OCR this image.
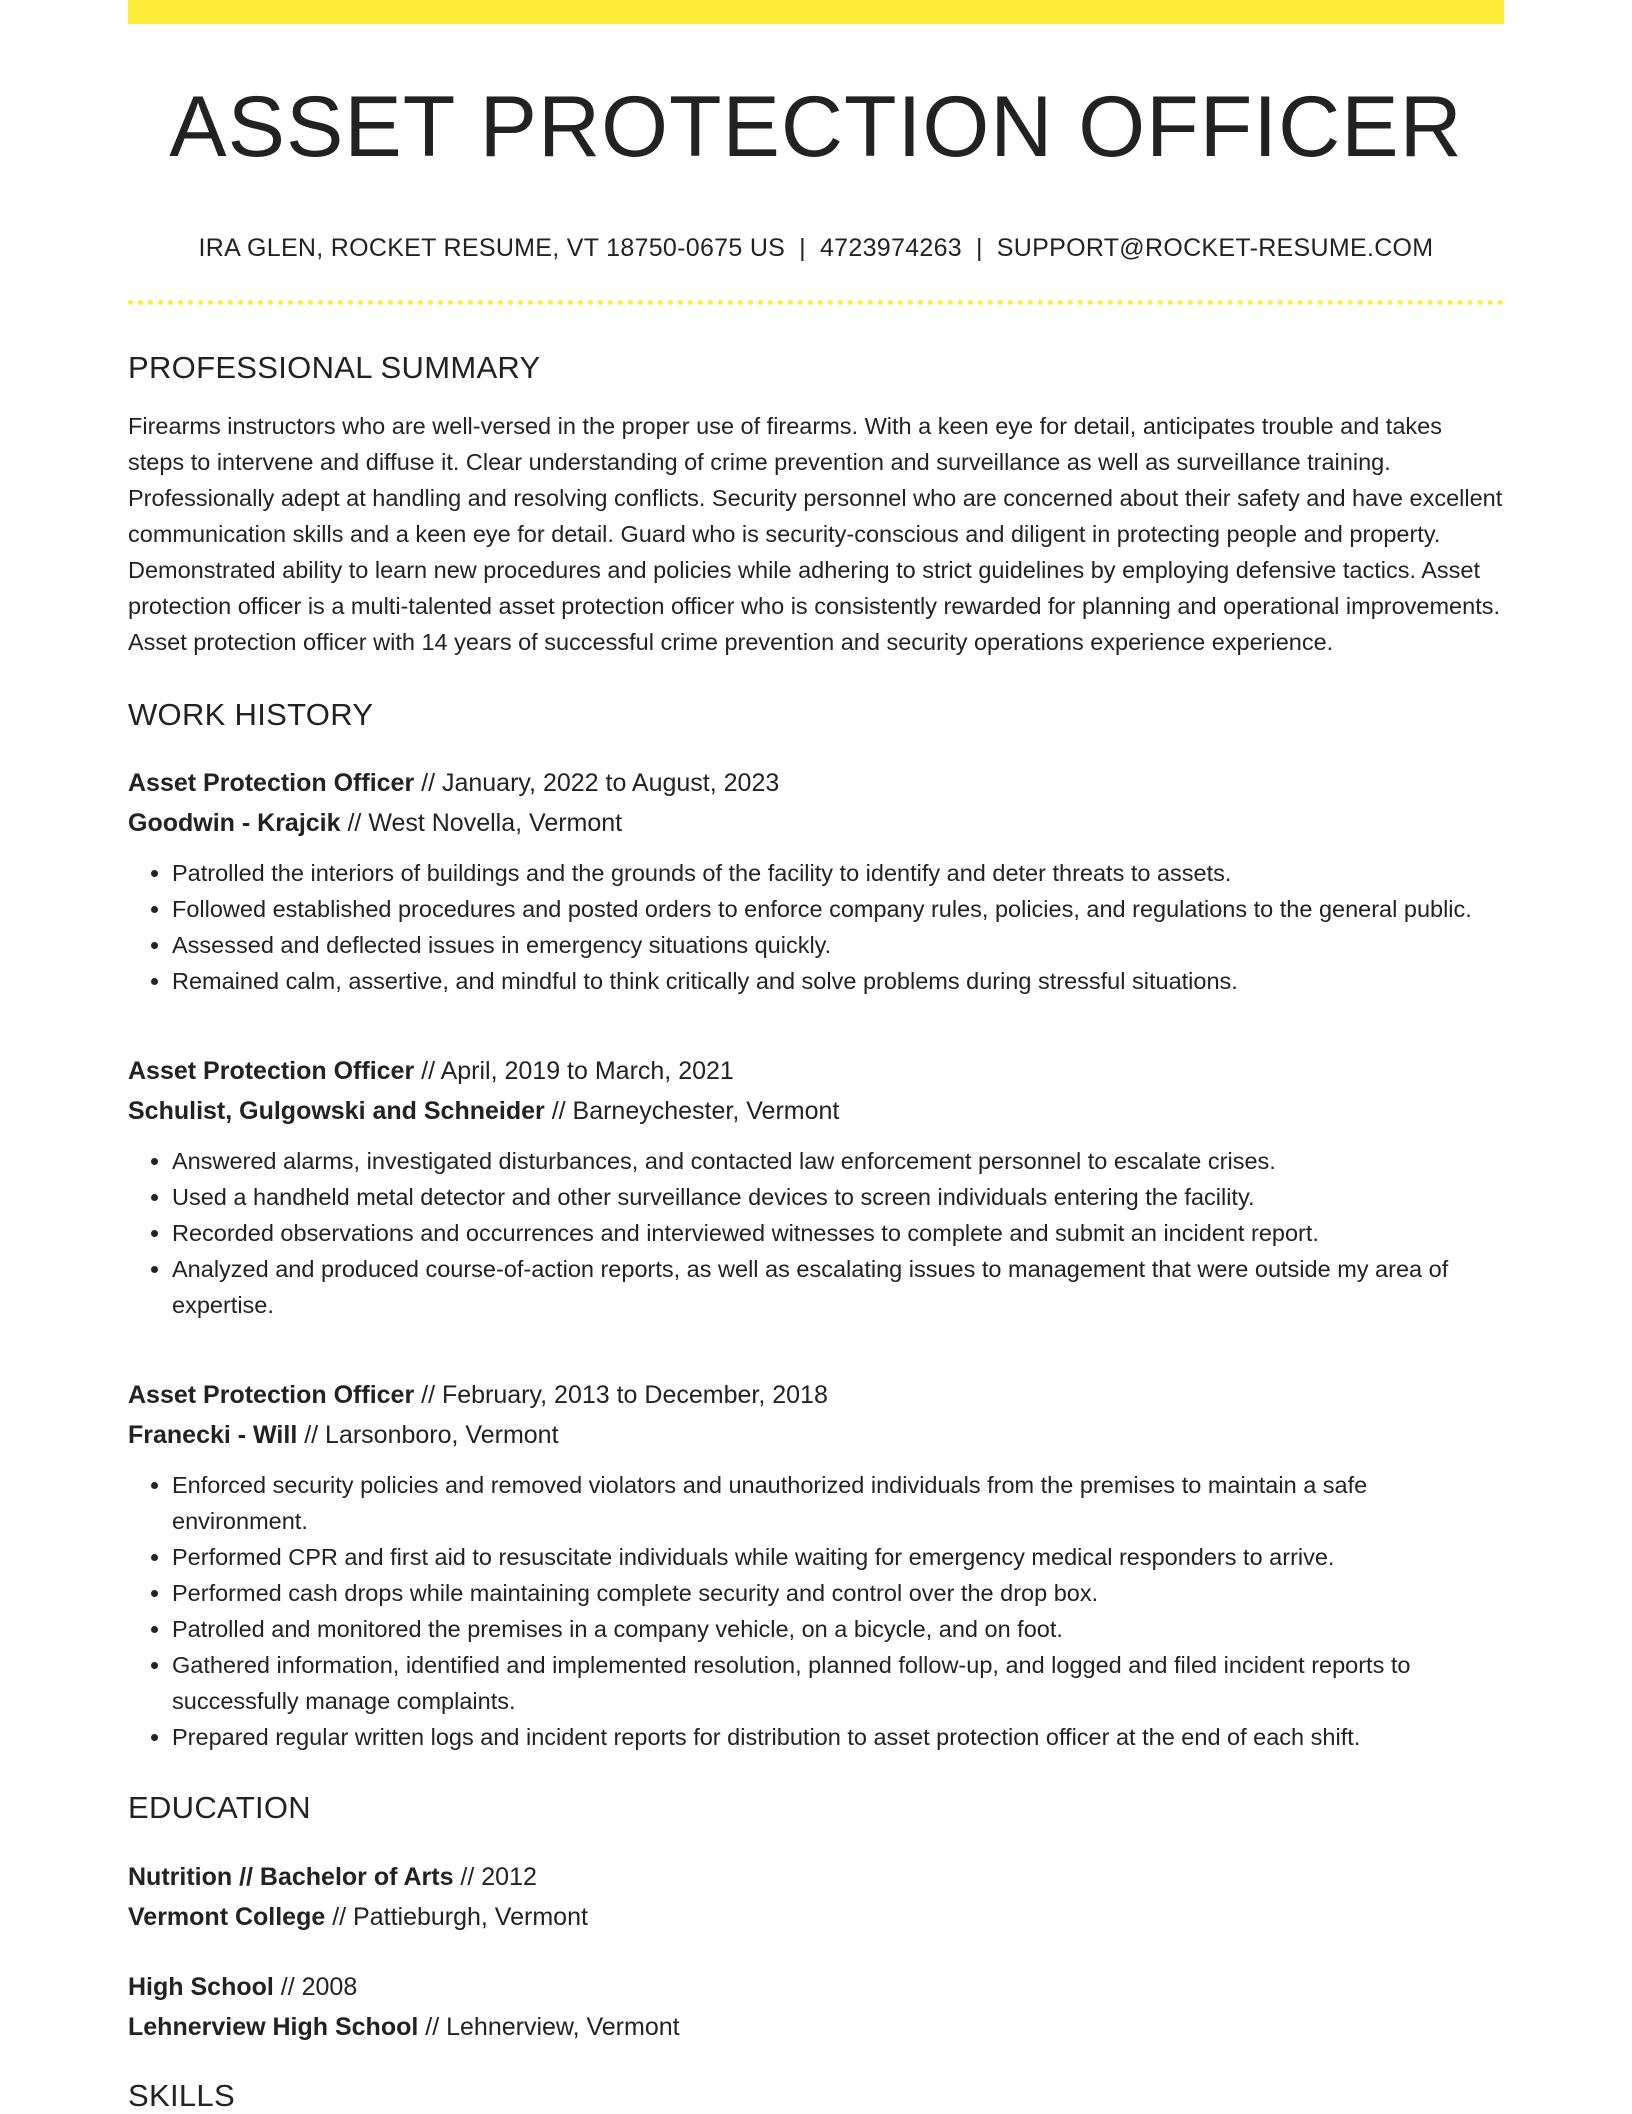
ASSET PROTECTION OFFICER
IRA GLEN, ROCKET RESUME, VT 18750-0675 US | 4723974263 | SUPPORT@ROCKET-RESUME.COM
PROFESSIONAL SUMMARY

Firearms instructors who are well-versed in the proper use of firearms. With a keen eye for detail, anticipates trouble and takes steps to intervene and diffuse it. Clear understanding of crime prevention and surveillance as well as surveillance training. Professionally adept at handling and resolving conflicts. Security personnel who are concerned about their safety and have excellent communication skills and a keen eye for detail. Guard who is security-conscious and diligent in protecting people and property. Demonstrated ability to learn new procedures and policies while adhering to strict guidelines by employing defensive tactics. Asset protection officer is a multi-talented asset protection officer who is consistently rewarded for planning and operational improvements. Asset protection officer with 14 years of successful crime prevention and security operations experience experience.

WORK HISTORY
Asset Protection Officer // January, 2022 to August, 2023
Goodwin - Krajcik // West Novella, Vermont
• Patrolled the interiors of buildings and the grounds of the facility to identify and deter threats to assets.
• Followed established procedures and posted orders to enforce company rules, policies, and regulations to the general public.
• Assessed and deflected issues in emergency situations quickly.
• Remained calm, assertive, and mindful to think critically and solve problems during stressful situations.
Asset Protection Officer // April, 2019 to March, 2021
Schulist, Gulgowski and Schneider // Barneychester, Vermont
• Answered alarms, investigated disturbances, and contacted law enforcement personnel to escalate crises.
• Used a handheld metal detector and other surveillance devices to screen individuals entering the facility.
• Recorded observations and occurrences and interviewed witnesses to complete and submit an incident report.
• Analyzed and produced course-of-action reports, as well as escalating issues to management that were outside my area of expertise.
Asset Protection Officer // February, 2013 to December, 2018
Franecki - Will // Larsonboro, Vermont
• Enforced security policies and removed violators and unauthorized individuals from the premises to maintain a safe environment.
• Performed CPR and first aid to resuscitate individuals while waiting for emergency medical responders to arrive.
• Performed cash drops while maintaining complete security and control over the drop box.
• Patrolled and monitored the premises in a company vehicle, on a bicycle, and on foot.
• Gathered information, identified and implemented resolution, planned follow-up, and logged and filed incident reports to successfully manage complaints.
• Prepared regular written logs and incident reports for distribution to asset protection officer at the end of each shift.
EDUCATION
Nutrition // Bachelor of Arts // 2012
Vermont College // Pattieburgh, Vermont
High School // 2008
Lehnerview High School // Lehnerview, Vermont
SKILLS
